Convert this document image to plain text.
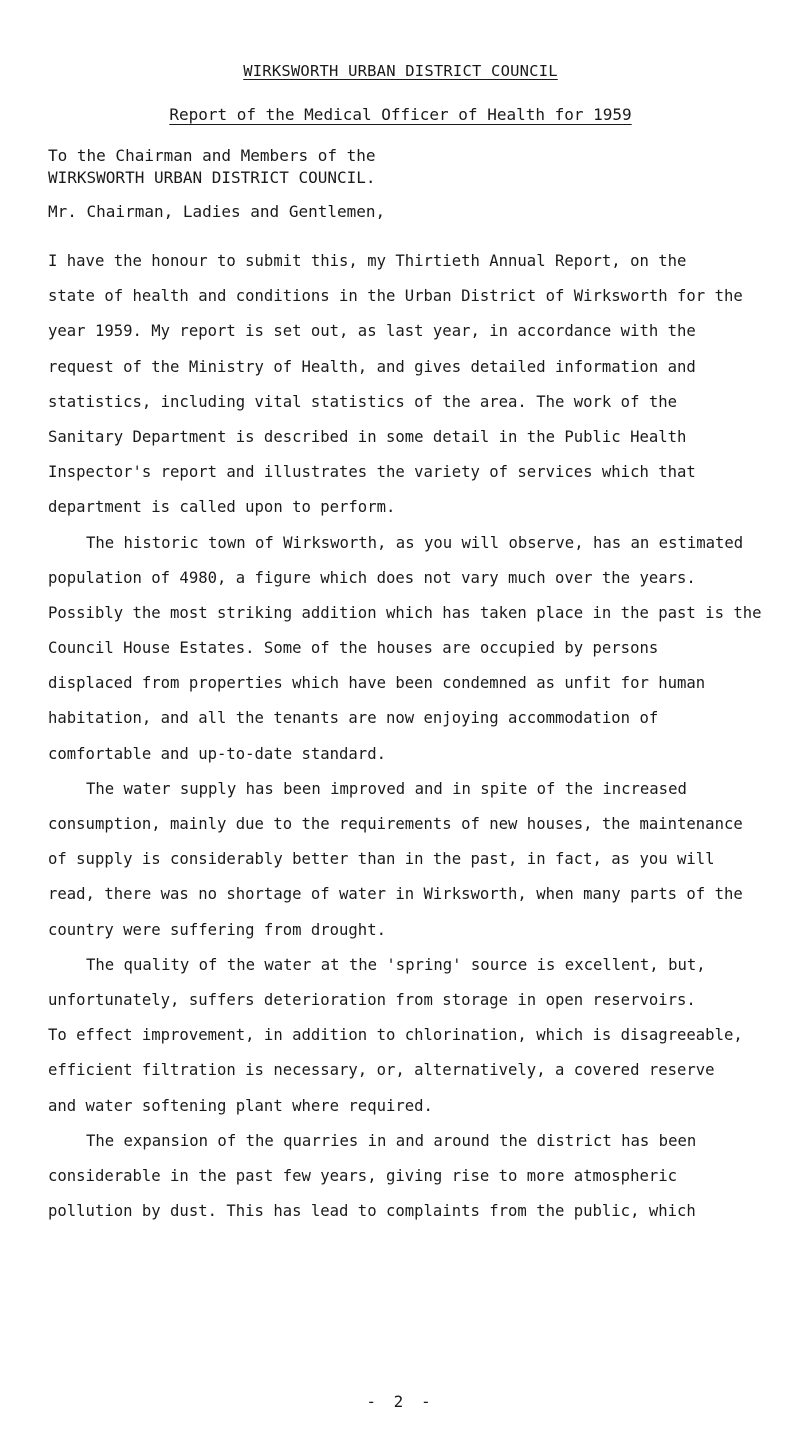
WIRKSWORTH URBAN DISTRICT COUNCIL
Report of the Medical Officer of Health for 1959
To the Chairman and Members of the
WIRKSWORTH URBAN DISTRICT COUNCIL.
Mr. Chairman, Ladies and Gentlemen,
I have the honour to submit this, my Thirtieth Annual Report, on the
state of health and conditions in the Urban District of Wirksworth for the
year 1959. My report is set out, as last year, in accordance with the
request of the Ministry of Health, and gives detailed information and
statistics, including vital statistics of the area. The work of the
Sanitary Department is described in some detail in the Public Health
Inspector's report and illustrates the variety of services which that
department is called upon to perform.
The historic town of Wirksworth, as you will observe, has an estimated
population of 4980, a figure which does not vary much over the years.
Possibly the most striking addition which has taken place in the past is the
Council House Estates. Some of the houses are occupied by persons
displaced from properties which have been condemned as unfit for human
habitation, and all the tenants are now enjoying accommodation of
comfortable and up-to-date standard.
The water supply has been improved and in spite of the increased
consumption, mainly due to the requirements of new houses, the maintenance
of supply is considerably better than in the past, in fact, as you will
read, there was no shortage of water in Wirksworth, when many parts of the
country were suffering from drought.
The quality of the water at the 'spring' source is excellent, but,
unfortunately, suffers deterioration from storage in open reservoirs.
To effect improvement, in addition to chlorination, which is disagreeable,
efficient filtration is necessary, or, alternatively, a covered reserve
and water softening plant where required.
The expansion of the quarries in and around the district has been
considerable in the past few years, giving rise to more atmospheric
pollution by dust. This has lead to complaints from the public, which
- 2 -
